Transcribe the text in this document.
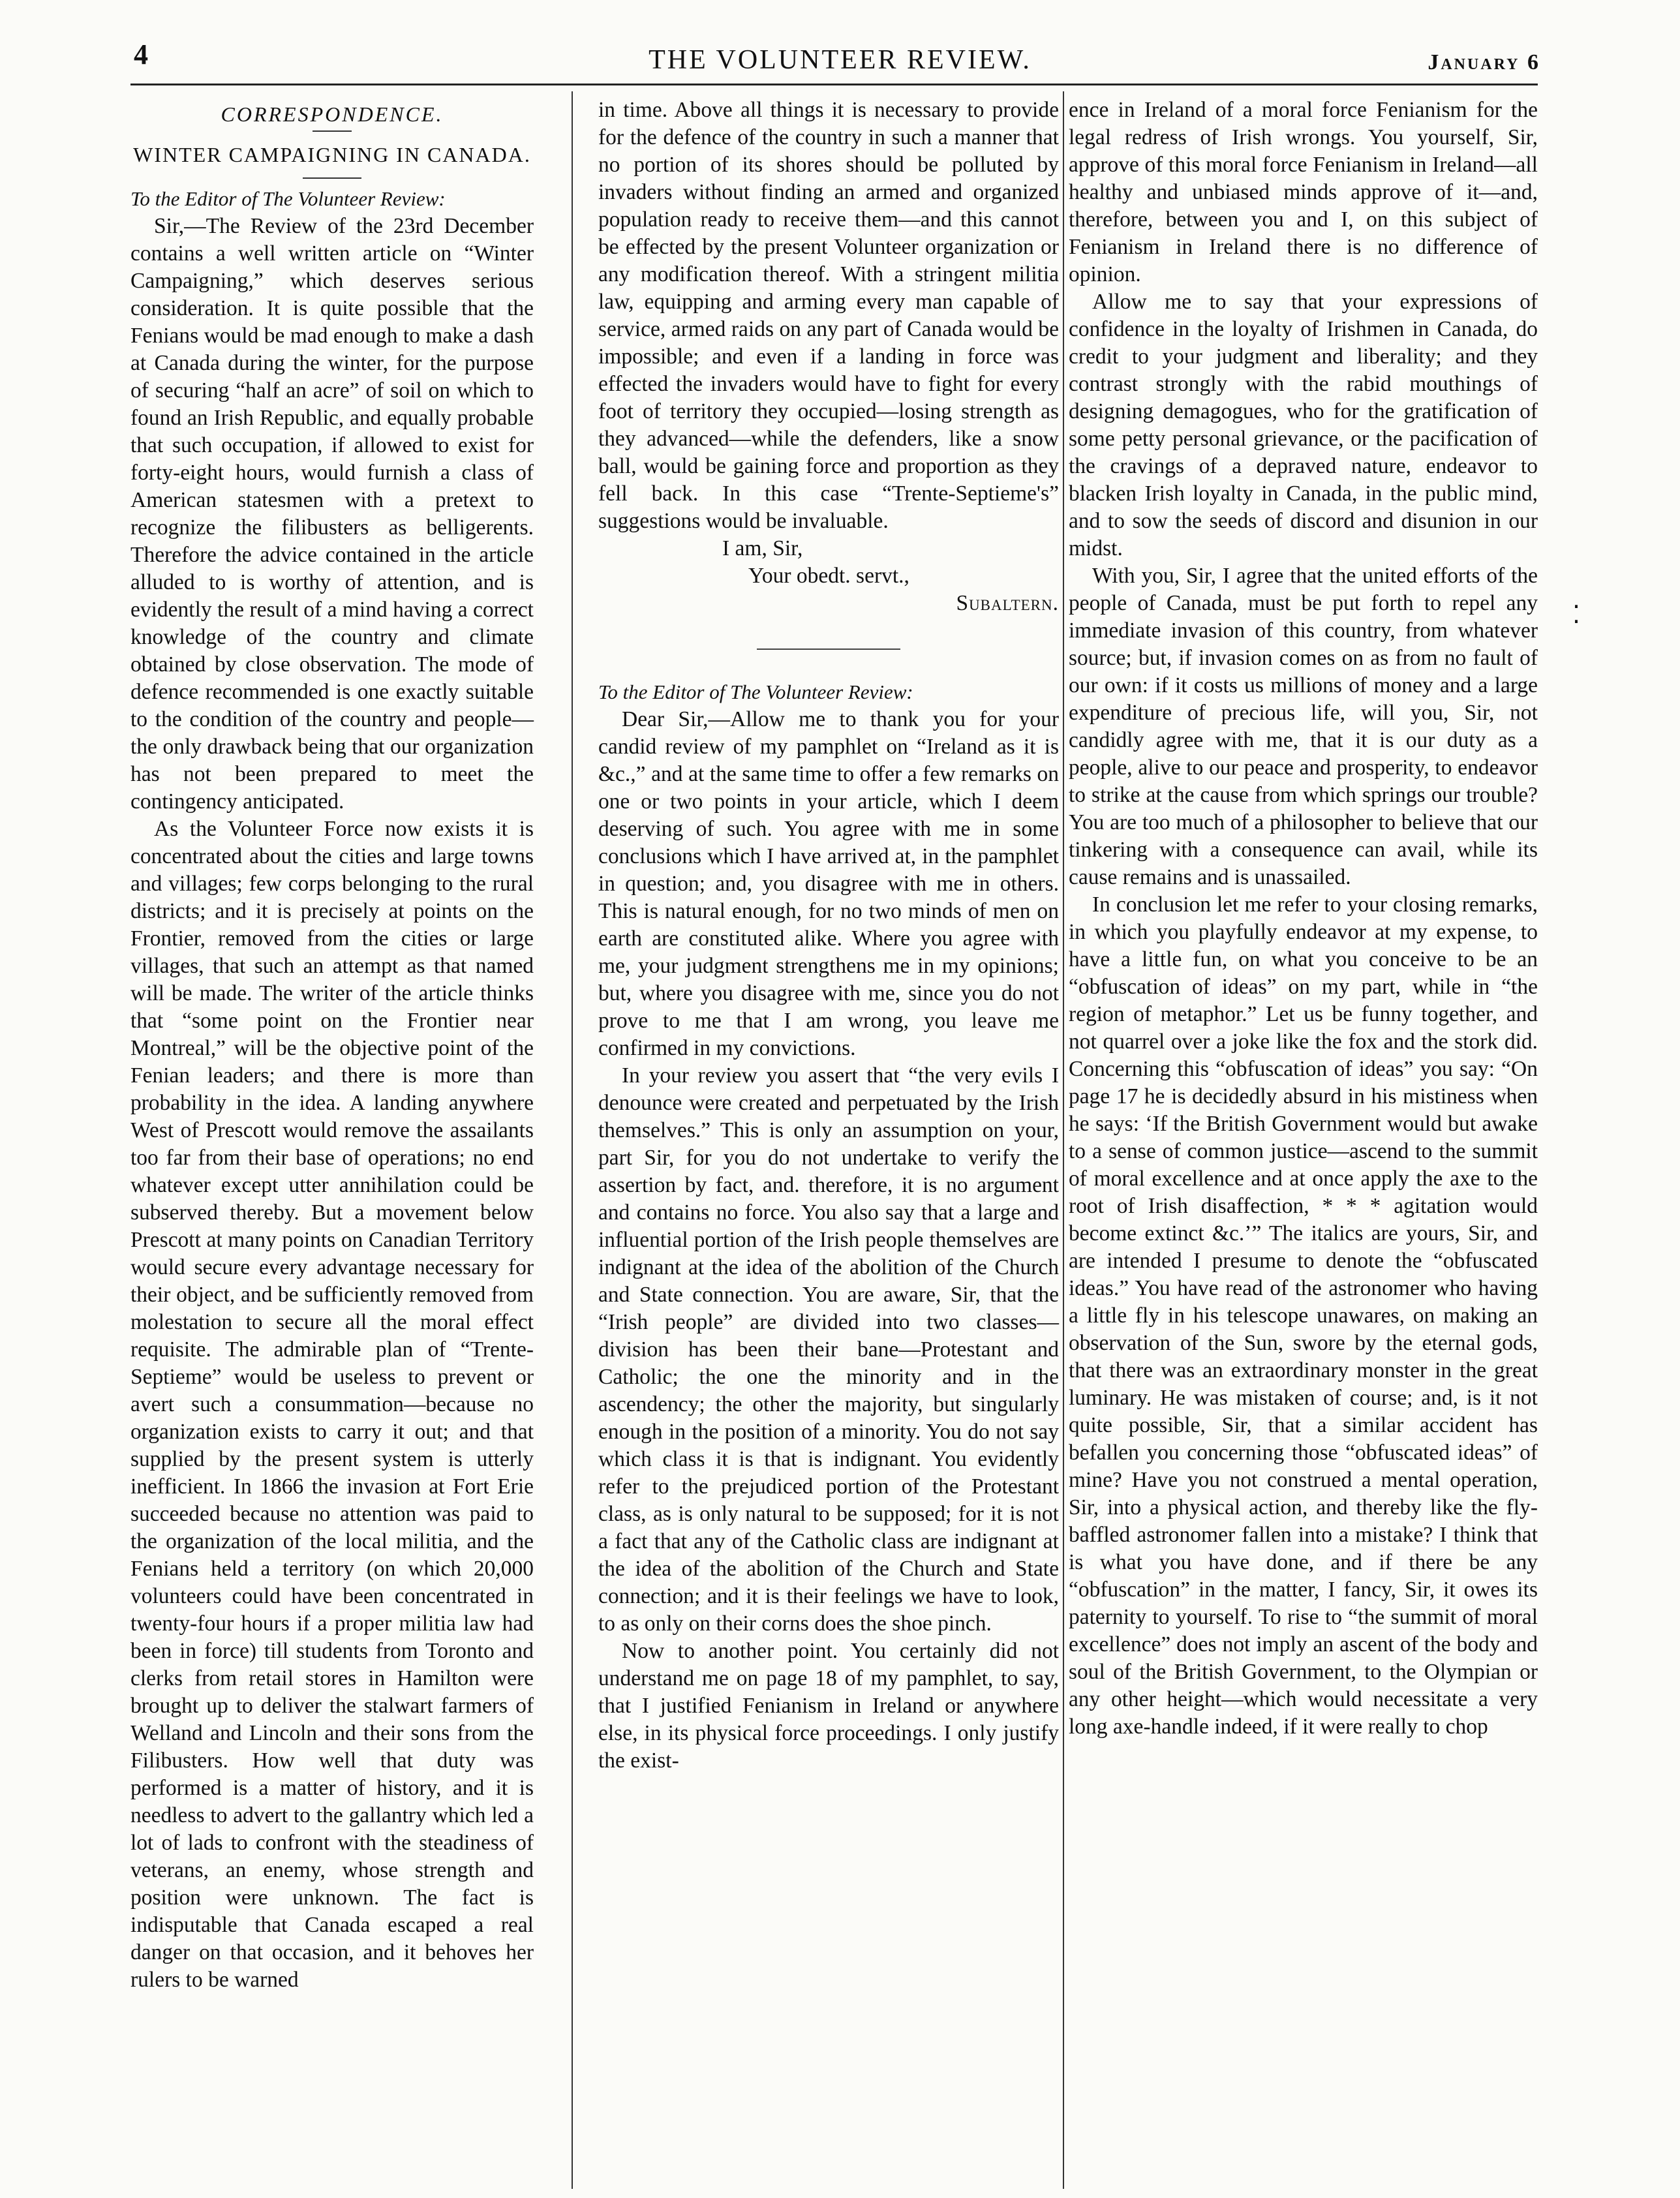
4	THE VOLUNTEER REVIEW.	January 6
CORRESPONDENCE.
WINTER CAMPAIGNING IN CANADA.

To the Editor of The Volunteer Review:

Sir,—The Review of the 23rd December contains a well written article on “Winter Campaigning,” which deserves serious consideration. It is quite possible that the Fenians would be mad enough to make a dash at Canada during the winter, for the purpose of securing “half an acre” of soil on which to found an Irish Republic, and equally probable that such occupation, if allowed to exist for forty-eight hours, would furnish a class of American statesmen with a pretext to recognize the filibusters as belligerents. Therefore the advice contained in the article alluded to is worthy of attention, and is evidently the result of a mind having a correct knowledge of the country and climate obtained by close observation. The mode of defence recommended is one exactly suitable to the condition of the country and people—the only drawback being that our organization has not been prepared to meet the contingency anticipated.

As the Volunteer Force now exists it is concentrated about the cities and large towns and villages; few corps belonging to the rural districts; and it is precisely at points on the Frontier, removed from the cities or large villages, that such an attempt as that named will be made. The writer of the article thinks that “some point on the Frontier near Montreal,” will be the objective point of the Fenian leaders; and there is more than probability in the idea. A landing anywhere West of Prescott would remove the assailants too far from their base of operations; no end whatever except utter annihilation could be subserved thereby. But a movement below Prescott at many points on Canadian Territory would secure every advantage necessary for their object, and be sufficiently removed from molestation to secure all the moral effect requisite. The admirable plan of “Trente-Septieme” would be useless to prevent or avert such a consummation—because no organization exists to carry it out; and that supplied by the present system is utterly inefficient. In 1866 the invasion at Fort Erie succeeded because no attention was paid to the organization of the local militia, and the Fenians held a territory (on which 20,000 volunteers could have been concentrated in twenty-four hours if a proper militia law had been in force) till students from Toronto and clerks from retail stores in Hamilton were brought up to deliver the stalwart farmers of Welland and Lincoln and their sons from the Filibusters. How well that duty was performed is a matter of history, and it is needless to advert to the gallantry which led a lot of lads to confront with the steadiness of veterans, an enemy, whose strength and position were unknown. The fact is indisputable that Canada escaped a real danger on that occasion, and it behoves her rulers to be warned

in time. Above all things it is necessary to provide for the defence of the country in such a manner that no portion of its shores should be polluted by invaders without finding an armed and organized population ready to receive them—and this cannot be effected by the present Volunteer organization or any modification thereof. With a stringent militia law, equipping and arming every man capable of service, armed raids on any part of Canada would be impossible; and even if a landing in force was effected the invaders would have to fight for every foot of territory they occupied—losing strength as they advanced—while the defenders, like a snow ball, would be gaining force and proportion as they fell back. In this case “Trente-Septieme's” suggestions would be invaluable.

I am, Sir,

Your obedt. servt.,

Subaltern.

To the Editor of The Volunteer Review:

Dear Sir,—Allow me to thank you for your candid review of my pamphlet on “Ireland as it is &c.,” and at the same time to offer a few remarks on one or two points in your article, which I deem deserving of such. You agree with me in some conclusions which I have arrived at, in the pamphlet in question; and, you disagree with me in others. This is natural enough, for no two minds of men on earth are constituted alike. Where you agree with me, your judgment strengthens me in my opinions; but, where you disagree with me, since you do not prove to me that I am wrong, you leave me confirmed in my convictions.

In your review you assert that “the very evils I denounce were created and perpetuated by the Irish themselves.” This is only an assumption on your, part Sir, for you do not undertake to verify the assertion by fact, and. therefore, it is no argument and contains no force. You also say that a large and influential portion of the Irish people themselves are indignant at the idea of the abolition of the Church and State connection. You are aware, Sir, that the “Irish people” are divided into two classes—division has been their bane—Protestant and Catholic; the one the minority and in the ascendency; the other the majority, but singularly enough in the position of a minority. You do not say which class it is that is indignant. You evidently refer to the prejudiced portion of the Protestant class, as is only natural to be supposed; for it is not a fact that any of the Catholic class are indignant at the idea of the abolition of the Church and State connection; and it is their feelings we have to look, to as only on their corns does the shoe pinch.

Now to another point. You certainly did not understand me on page 18 of my pamphlet, to say, that I justified Fenianism in Ireland or anywhere else, in its physical force proceedings. I only justify the exist-

ence in Ireland of a moral force Fenianism for the legal redress of Irish wrongs. You yourself, Sir, approve of this moral force Fenianism in Ireland—all healthy and unbiased minds approve of it—and, therefore, between you and I, on this subject of Fenianism in Ireland there is no difference of opinion.

Allow me to say that your expressions of confidence in the loyalty of Irishmen in Canada, do credit to your judgment and liberality; and they contrast strongly with the rabid mouthings of designing demagogues, who for the gratification of some petty personal grievance, or the pacification of the cravings of a depraved nature, endeavor to blacken Irish loyalty in Canada, in the public mind, and to sow the seeds of discord and disunion in our midst.

With you, Sir, I agree that the united efforts of the people of Canada, must be put forth to repel any immediate invasion of this country, from whatever source; but, if invasion comes on as from no fault of our own: if it costs us millions of money and a large expenditure of precious life, will you, Sir, not candidly agree with me, that it is our duty as a people, alive to our peace and prosperity, to endeavor to strike at the cause from which springs our trouble? You are too much of a philosopher to believe that our tinkering with a consequence can avail, while its cause remains and is unassailed.

In conclusion let me refer to your closing remarks, in which you playfully endeavor at my expense, to have a little fun, on what you conceive to be an “obfuscation of ideas” on my part, while in “the region of metaphor.” Let us be funny together, and not quarrel over a joke like the fox and the stork did. Concerning this “obfuscation of ideas” you say: “On page 17 he is decidedly absurd in his mistiness when he says: ‘If the British Government would but awake to a sense of common justice—ascend to the summit of moral excellence and at once apply the axe to the root of Irish disaffection, * * * agitation would become extinct &c.’” The italics are yours, Sir, and are intended I presume to denote the “obfuscated ideas.” You have read of the astronomer who having a little fly in his telescope unawares, on making an observation of the Sun, swore by the eternal gods, that there was an extraordinary monster in the great luminary. He was mistaken of course; and, is it not quite possible, Sir, that a similar accident has befallen you concerning those “obfuscated ideas” of mine? Have you not construed a mental operation, Sir, into a physical action, and thereby like the fly-baffled astronomer fallen into a mistake? I think that is what you have done, and if there be any “obfuscation” in the matter, I fancy, Sir, it owes its paternity to yourself. To rise to “the summit of moral excellence” does not imply an ascent of the body and soul of the British Government, to the Olympian or any other height—which would necessitate a very long axe-handle indeed, if it were really to chop

⁚
